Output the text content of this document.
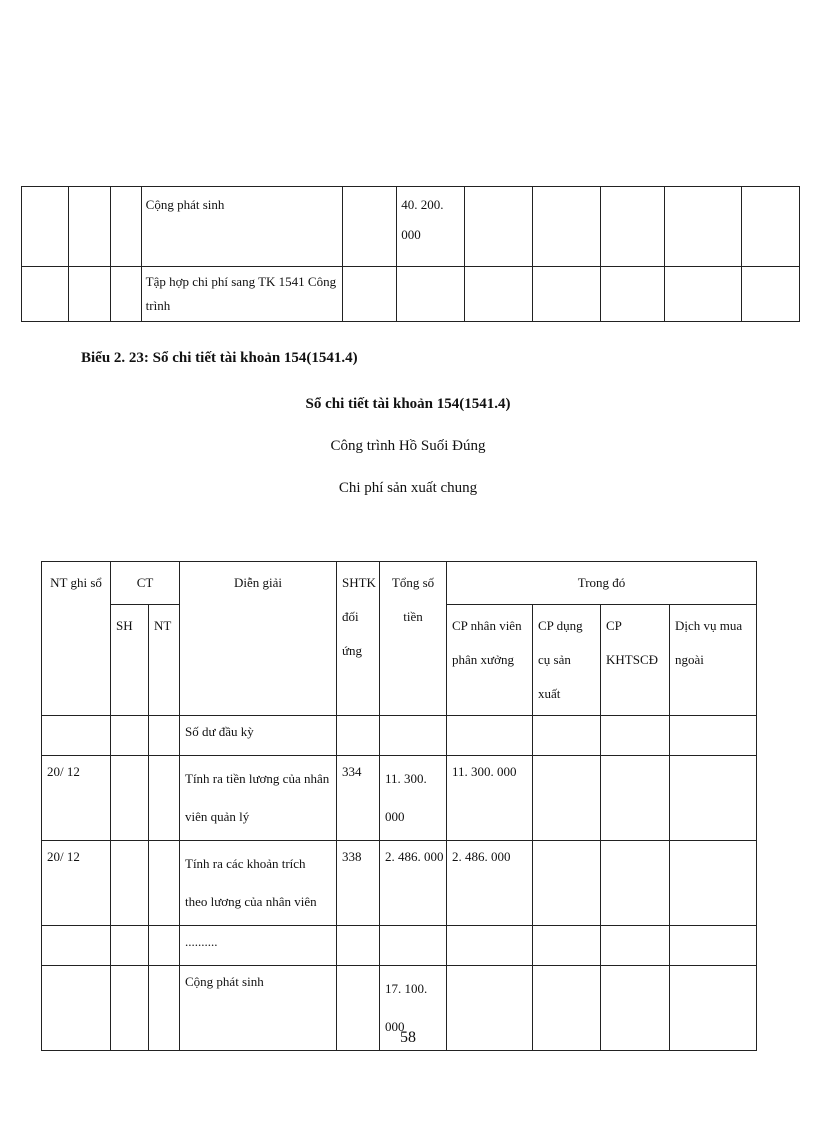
			Cộng phát sinh		40. 200. 000					
			Tập hợp chi phí sang TK 1541 Công trình							
Biểu 2. 23: Sổ chi tiết tài khoản 154(1541.4)
Sổ chi tiết tài khoản 154(1541.4)
Công trình Hồ Suối Đúng
Chi phí sản xuất chung
NT ghi sổ	CT		Diễn giải	SHTK đối ứng	Tổng số tiền	Trong đó			
	SH	NT				CP nhân viên phân xưởng	CP dụng cụ sản xuất	CP KHTSCĐ	Dịch vụ mua ngoài
			Số dư đầu kỳ						
20/ 12			Tính ra tiền lương của nhân viên quản lý	334	11. 300. 000	11. 300. 000			
20/ 12			Tính ra các khoản trích theo lương của nhân viên	338	2. 486. 000	2. 486. 000			
			..........						
			Cộng phát sinh		17. 100. 000				
58
